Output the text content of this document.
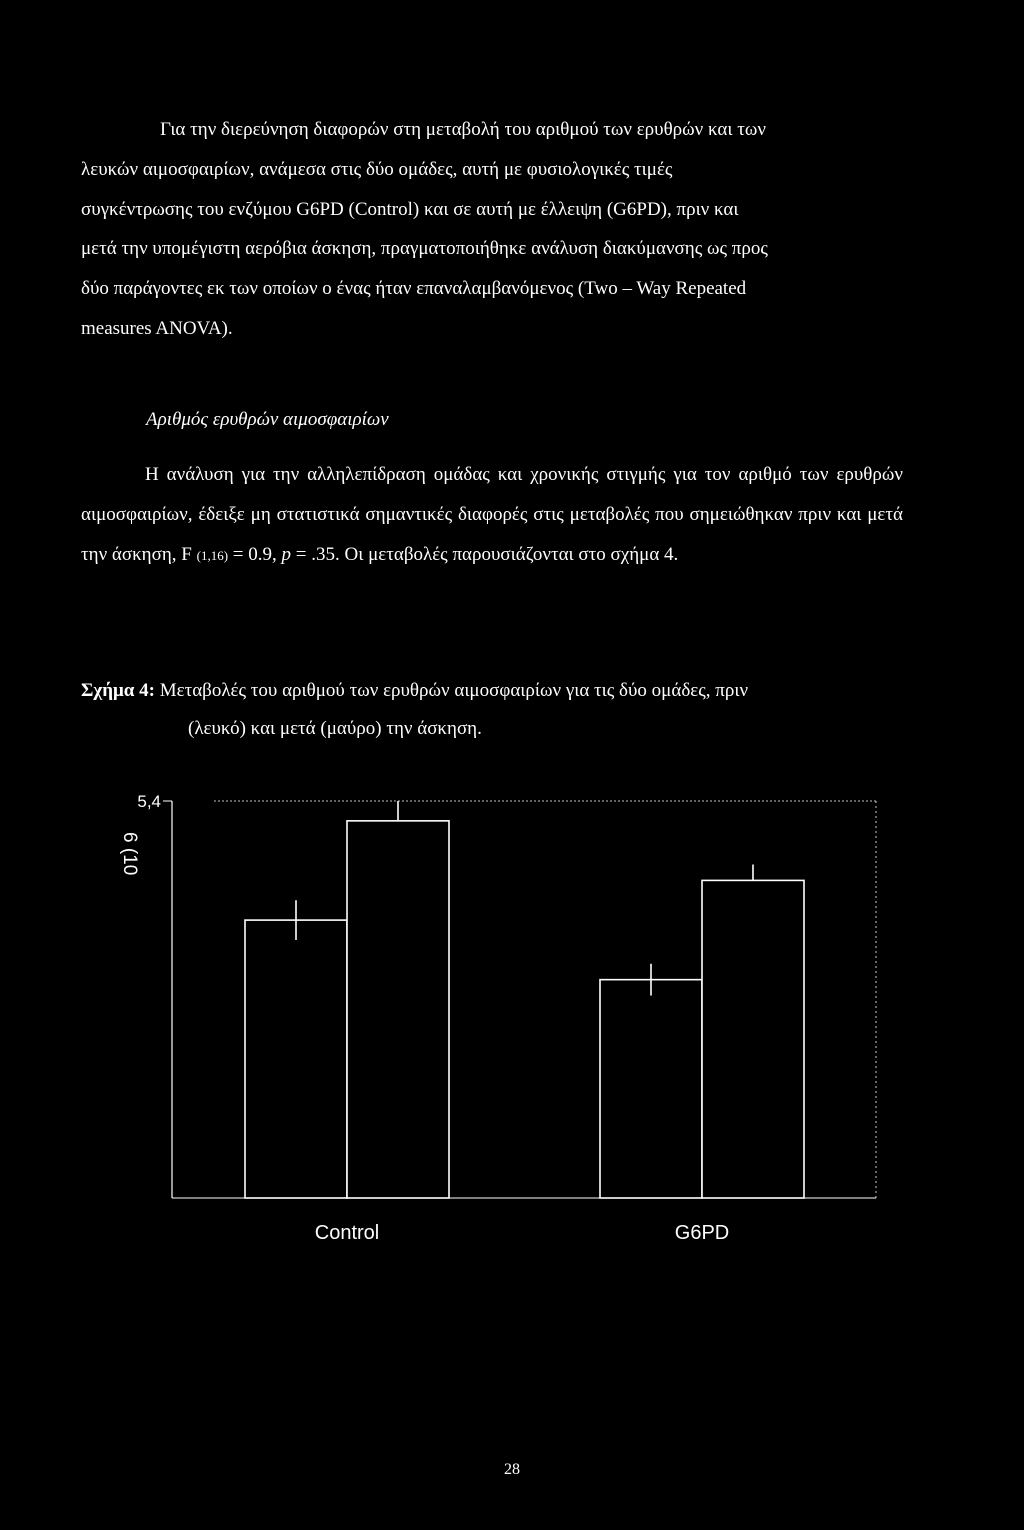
Για την διερεύνηση διαφορών στη μεταβολή του αριθμού των ερυθρών και των
λευκών αιμοσφαιρίων, ανάμεσα στις δύο ομάδες, αυτή με φυσιολογικές τιμές
συγκέντρωσης του ενζύμου G6PD (Control) και σε αυτή με έλλειψη (G6PD), πριν και
μετά την υπομέγιστη αερόβια άσκηση, πραγματοποιήθηκε ανάλυση διακύμανσης ως προς
δύο παράγοντες εκ των οποίων ο ένας ήταν επαναλαμβανόμενος (Two – Way Repeated
measures ANOVA).

Αριθμός ερυθρών αιμοσφαιρίων

Η ανάλυση για την αλληλεπίδραση ομάδας και χρονικής στιγμής για τον αριθμό των ερυθρών αιμοσφαιρίων, έδειξε μη στατιστικά σημαντικές διαφορές στις μεταβολές που σημειώθηκαν πριν και μετά την άσκηση, F (1,16) = 0.9, p = .35. Οι μεταβολές παρουσιάζονται στο σχήμα 4.

Σχήμα 4: Μεταβολές του αριθμού των ερυθρών αιμοσφαιρίων για τις δύο ομάδες, πριν
(λευκό) και μετά (μαύρο) την άσκηση.
6 (10
5,4
Control	G6PD

28
